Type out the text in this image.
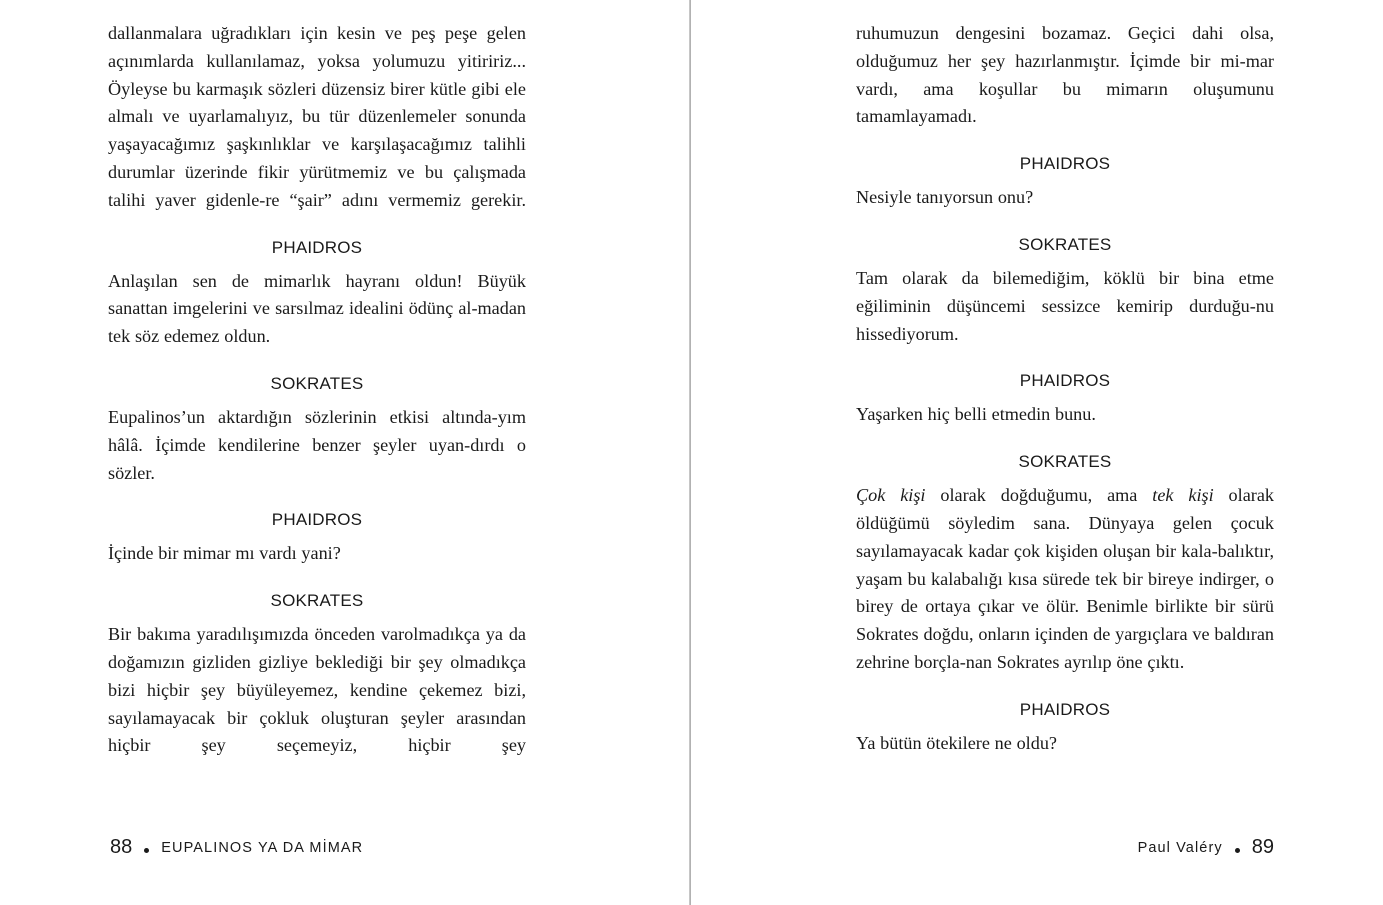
dallanmalara uğradıkları için kesin ve peş peşe gelen açınımlarda kullanılamaz, yoksa yolumuzu yitiririz... Öyleyse bu karmaşık sözleri düzensiz birer kütle gibi ele almalı ve uyarlamalıyız, bu tür düzenlemeler sonunda yaşayacağımız şaşkınlıklar ve karşılaşacağımız talihli durumlar üzerinde fikir yürütmemiz ve bu çalışmada talihi yaver gidenle-re “şair” adını vermemiz gerekir.

PHAIDROS

Anlaşılan sen de mimarlık hayranı oldun! Büyük sanattan imgelerini ve sarsılmaz idealini ödünç al-madan tek söz edemez oldun.

SOKRATES

Eupalinos’un aktardığın sözlerinin etkisi altında-yım hâlâ. İçimde kendilerine benzer şeyler uyan-dırdı o sözler.

PHAIDROS

İçinde bir mimar mı vardı yani?

SOKRATES

Bir bakıma yaradılışımızda önceden varolmadıkça ya da doğamızın gizliden gizliye beklediği bir şey olmadıkça bizi hiçbir şey büyüleyemez, kendine çekemez bizi, sayılamayacak bir çokluk oluşturan şeyler arasından hiçbir şey seçemeyiz, hiçbir şey

88 EUPALINOS YA DA MİMAR

ruhumuzun dengesini bozamaz. Geçici dahi olsa, olduğumuz her şey hazırlanmıştır. İçimde bir mi-mar vardı, ama koşullar bu mimarın oluşumunu tamamlayamadı.

PHAIDROS

Nesiyle tanıyorsun onu?

SOKRATES

Tam olarak da bilemediğim, köklü bir bina etme eğiliminin düşüncemi sessizce kemirip durduğu-nu hissediyorum.

PHAIDROS

Yaşarken hiç belli etmedin bunu.

SOKRATES

Çok kişi olarak doğduğumu, ama tek kişi olarak öldüğümü söyledim sana. Dünyaya gelen çocuk sayılamayacak kadar çok kişiden oluşan bir kala-balıktır, yaşam bu kalabalığı kısa sürede tek bir bireye indirger, o birey de ortaya çıkar ve ölür. Benimle birlikte bir sürü Sokrates doğdu, onların içinden de yargıçlara ve baldıran zehrine borçla-nan Sokrates ayrılıp öne çıktı.

PHAIDROS

Ya bütün ötekilere ne oldu?

Paul Valéry 89
